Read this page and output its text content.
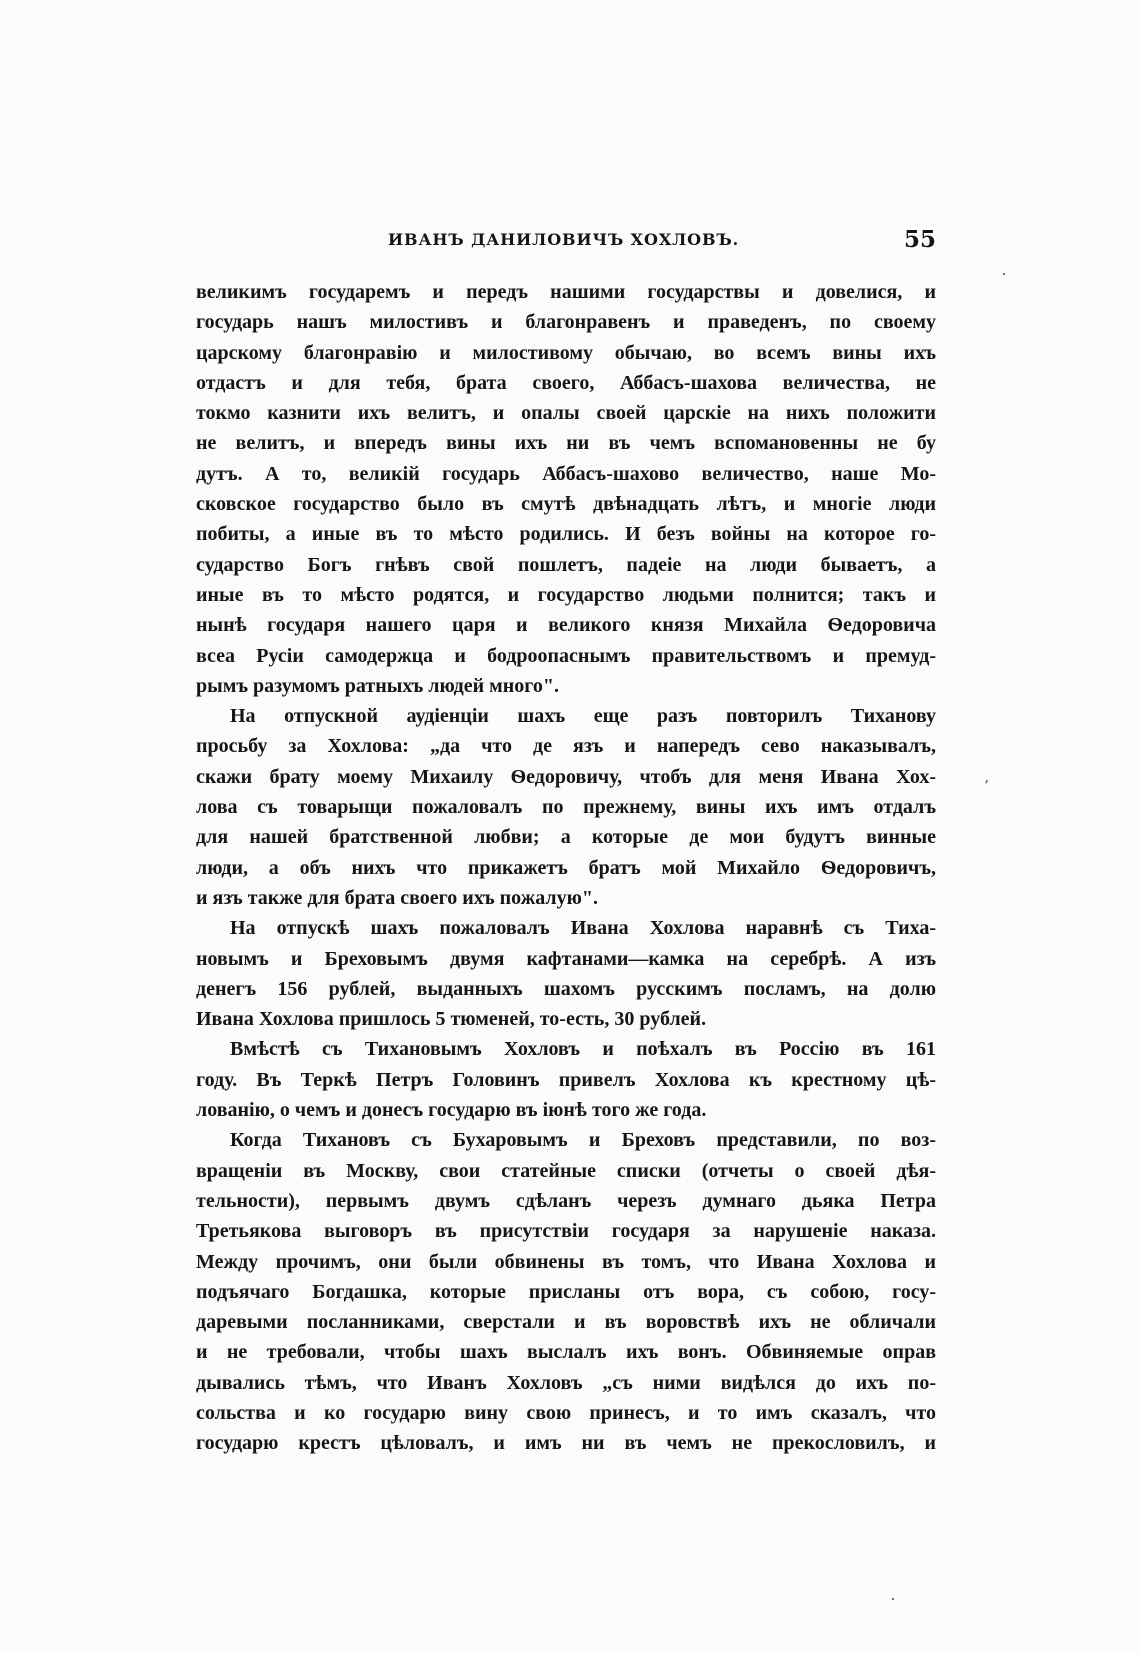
ИВАНЪ ДАНИЛОВИЧЪ ХОХЛОВЪ.	55
великимъ государемъ и передъ нашими государствы и довелися, и
государь нашъ милостивъ и благонравенъ и праведенъ, по своему
царскому благонравію и милостивому обычаю, во всемъ вины ихъ
отдастъ и для тебя, брата своего, Аббасъ-шахова величества, не
токмо казнити ихъ велитъ, и опалы своей царскіе на нихъ положити
не велитъ, и впередъ вины ихъ ни въ чемъ вспомановенны не бу
дутъ. А то, великій государь Аббасъ-шахово величество, наше Мо-
сковское государство было въ смутѣ двѣнадцать лѣтъ, и многіе люди
побиты, а иные въ то мѣсто родились. И безъ войны на которое го-
сударство Богъ гнѣвъ свой пошлетъ, падеіе на люди бываетъ, а
иные въ то мѣсто родятся, и государство людьми полнится; такъ и
нынѣ государя нашего царя и великого князя Михайла Ѳедоровича
всеа Русіи самодержца и бодроопаснымъ правительствомъ и премуд-
рымъ разумомъ ратныхъ людей много".
На отпускной аудіенціи шахъ еще разъ повторилъ Тиханову
просьбу за Хохлова: „да что де язъ и напередъ сево наказывалъ,
скажи брату моему Михаилу Ѳедоровичу, чтобъ для меня Ивана Хох-
лова съ товарыщи пожаловалъ по прежнему, вины ихъ имъ отдалъ
для нашей братственной любви; а которые де мои будутъ винные
люди, а объ нихъ что прикажетъ братъ мой Михайло Ѳедоровичъ,
и язъ также для брата своего ихъ пожалую".
На отпускѣ шахъ пожаловалъ Ивана Хохлова наравнѣ съ Тиха-
новымъ и Бреховымъ двумя кафтанами—камка на серебрѣ. А изъ
денегъ 156 рублей, выданныхъ шахомъ русскимъ посламъ, на долю
Ивана Хохлова пришлось 5 тюменей, то-есть, 30 рублей.
Вмѣстѣ съ Тихановымъ Хохловъ и поѣхалъ въ Россію въ 161
году. Въ Теркѣ Петръ Головинъ привелъ Хохлова къ крестному цѣ-
лованію, о чемъ и донесъ государю въ іюнѣ того же года.
Когда Тихановъ съ Бухаровымъ и Бреховъ представили, по воз-
вращеніи въ Москву, свои статейные списки (отчеты о своей дѣя-
тельности), первымъ двумъ сдѣланъ черезъ думнаго дьяка Петра
Третьякова выговоръ въ присутствіи государя за нарушеніе наказа.
Между прочимъ, они были обвинены въ томъ, что Ивана Хохлова и
подъячаго Богдашка, которые присланы отъ вора, съ собою, госу-
даревыми посланниками, сверстали и въ воровствѣ ихъ не обличали
и не требовали, чтобы шахъ выслалъ ихъ вонъ. Обвиняемые оправ
дывались тѣмъ, что Иванъ Хохловъ „съ ними видѣлся до ихъ по-
сольства и ко государю вину свою принесъ, и то имъ сказалъ, что
государю крестъ цѣловалъ, и имъ ни въ чемъ не прекословилъ, и
·
,
·
